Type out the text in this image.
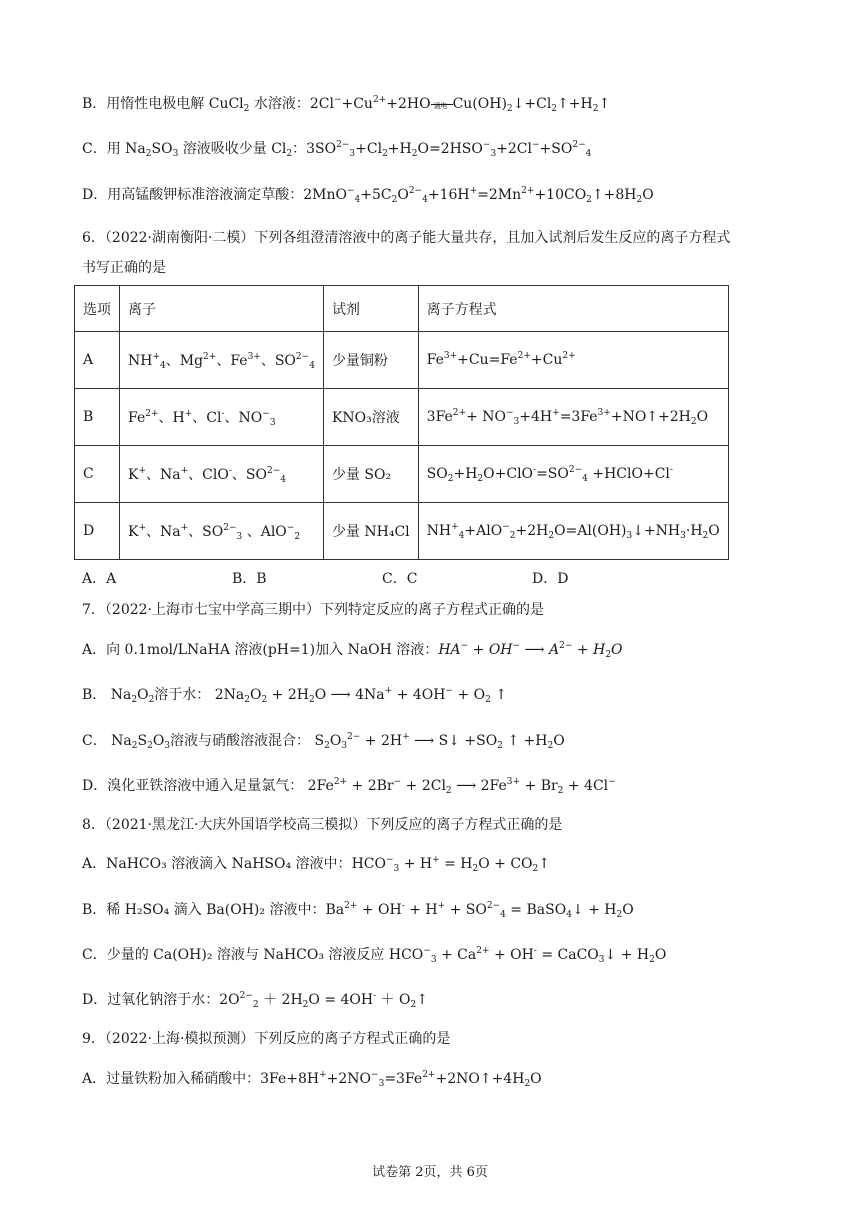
B．用惰性电极电解 CuCl$_2$ 水溶液：$2Cl^-+Cu^{2+}+2HO$ 通电 $Cu(OH)_2↓+Cl_2↑+H_2↑$
C．用 $Na_2SO_3$ 溶液吸收少量 $Cl_2$：$3SO^{2-}_3+Cl_2+H_2O=2HSO^-_3+2Cl^-+SO^{2-}_4$
D．用高锰酸钾标准溶液滴定草酸：$2MnO^-_4+5C_2O^{2-}_4+16H^+=2Mn^{2+}+10CO_2↑+8H_2O$
6．（2022·湖南衡阳·二模）下列各组澄清溶液中的离子能大量共存，且加入试剂后发生反应的离子方程式
书写正确的是
选项	离子	试剂	离子方程式
A	$NH^+_4$、$Mg^{2+}$、$Fe^{3+}$、$SO^{2-}_4$	少量铜粉	$Fe^{3+}+Cu=Fe^{2+}+Cu^{2+}$
B	$Fe^{2+}$、H+、Cl-、$NO^-_3$	KNO₃溶液	$3Fe^{2+}+$ $NO^-_3+4H^+=3Fe^{3+}+NO↑+2H_2O$
C	K+、Na+、ClO-、$SO^{2-}_4$	少量 SO₂	$SO_2+H_2O+ClO^-=SO^{2-}_4$ +HClO+Cl-
D	K+、Na+、$SO^{2-}_3$ 、AlO−$_2$	少量 NH₄Cl	$NH^+_4+AlO^-_2+2H_2O=Al(OH)_3↓+NH_3\cdot H_2O$
A．A	B．B	C．C	D．D
7．（2022·上海市七宝中学高三期中）下列特定反应的离子方程式正确的是
A．向 0.1mol/LNaHA 溶液(pH=1)加入 NaOH 溶液：HA− + OH− ⟶ $A^{2-} + H_2O$
B． $Na_2O_2$溶于水： $2Na_2O_2 + 2H_2O$ ⟶ $4Na^+ + 4OH^- + O_2$ ↑
C． $Na_2S_2O_3$溶液与硝酸溶液混合： $S_2O_3^{2-} + 2H^+$ ⟶ S↓ $+SO_2$ ↑ $+H_2O$
D．溴化亚铁溶液中通入足量氯气： $2Fe^{2+} + 2Br^- + 2Cl_2$ ⟶ $2Fe^{3+} + Br_2 + 4Cl^-$
8．（2021·黑龙江·大庆外国语学校高三模拟）下列反应的离子方程式正确的是
A．NaHCO₃ 溶液滴入 NaHSO₄ 溶液中：$HCO^-_3 + H^+ = H_2O$ + $CO_2↑$
B．稀 H₂SO₄ 滴入 Ba(OH)₂ 溶液中：$Ba^{2+} + OH^- + H^+ + SO^{2-}_4$ = BaSO$_4$↓ + $H_2O$
C．少量的 Ca(OH)₂ 溶液与 NaHCO₃ 溶液反应 $HCO^-_3 + Ca^{2+} + OH^-$ = CaCO$_3$↓ + $H_2O$
D．过氧化钠溶于水：$2O^{2-}_2 + 2H_2O = 4OH^-$ ＋ $O_2↑$
9．（2022·上海·模拟预测）下列反应的离子方程式正确的是
A．过量铁粉加入稀硝酸中：$3Fe+8H^++2NO^-_3=3Fe^{2+}+2NO↑+4H_2O$
试卷第 2页，共 6页
